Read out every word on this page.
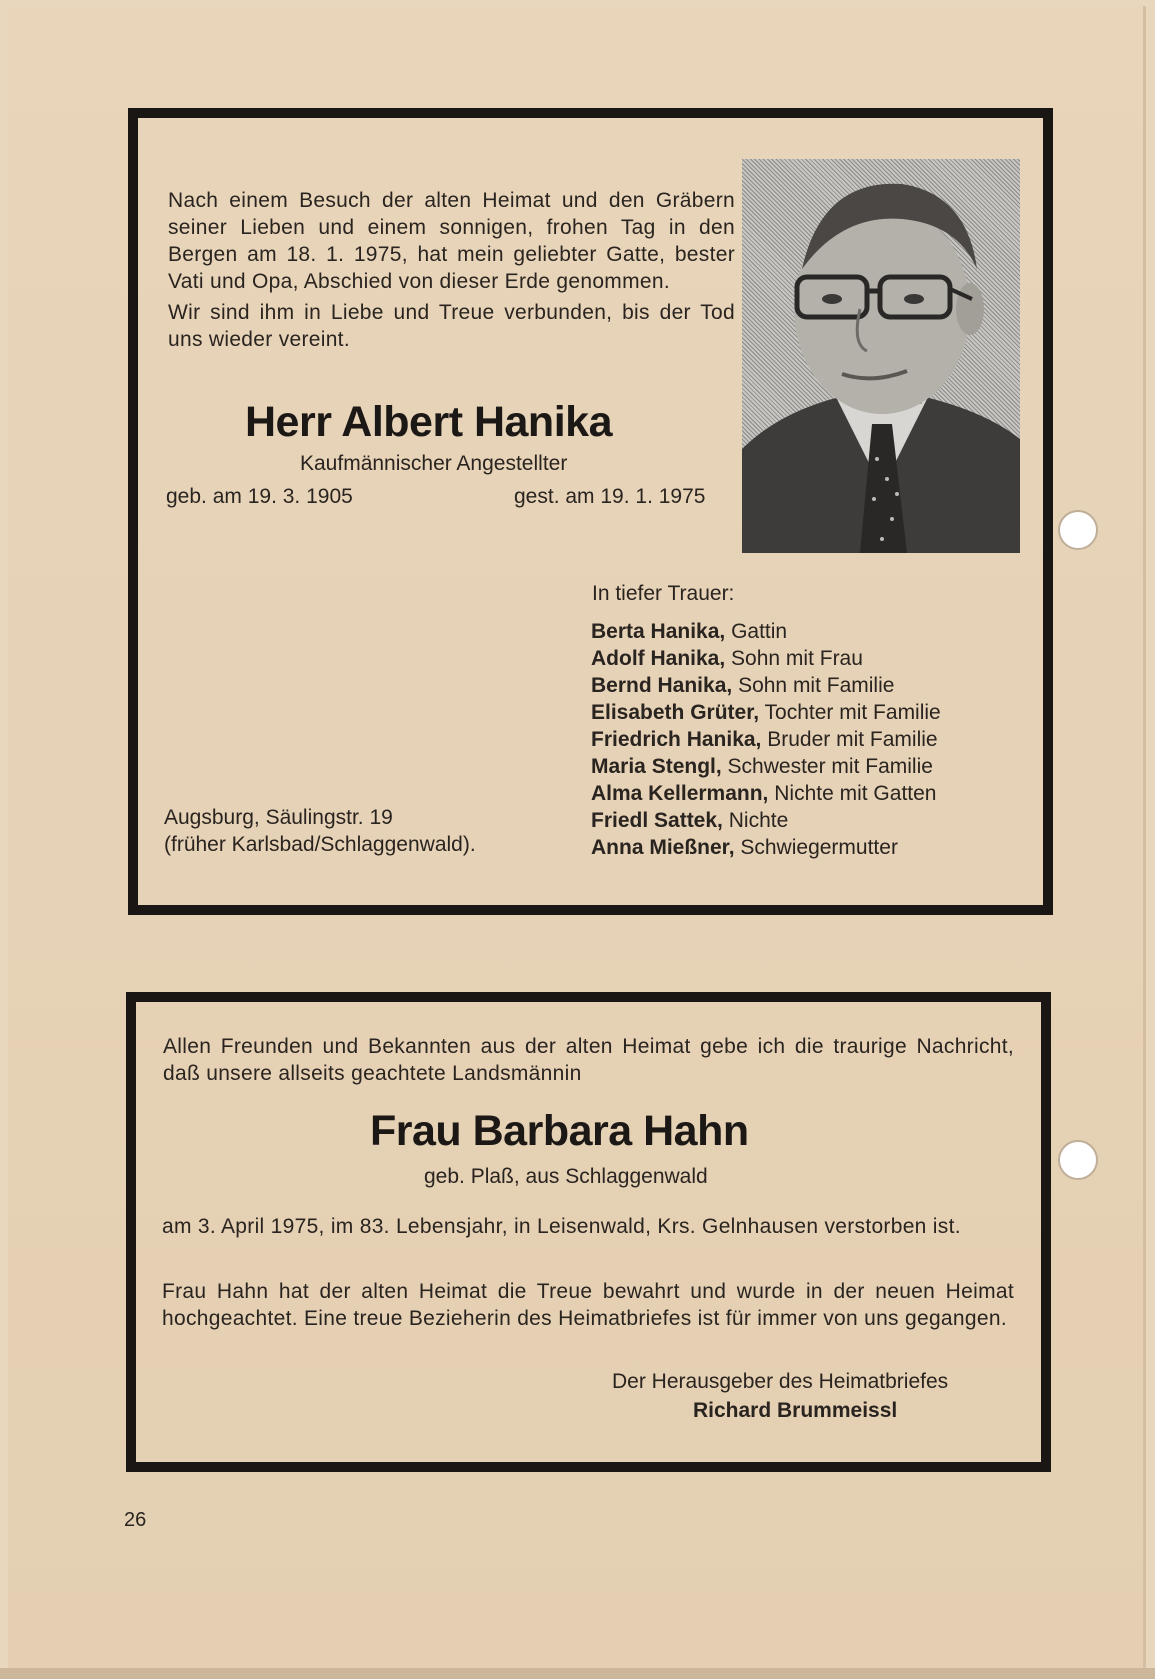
Nach einem Besuch der alten Heimat und den Gräbern seiner Lieben und einem sonnigen, frohen Tag in den Bergen am 18. 1. 1975, hat mein geliebter Gatte, bester Vati und Opa, Abschied von dieser Erde genommen.
Wir sind ihm in Liebe und Treue verbunden, bis der Tod uns wieder vereint.
Herr Albert Hanika
Kaufmännischer Angestellter
geb. am 19. 3. 1905	gest. am 19. 1. 1975
In tiefer Trauer:
Berta Hanika, Gattin
Adolf Hanika, Sohn mit Frau
Bernd Hanika, Sohn mit Familie
Elisabeth Grüter, Tochter mit Familie
Friedrich Hanika, Bruder mit Familie
Maria Stengl, Schwester mit Familie
Alma Kellermann, Nichte mit Gatten
Friedl Sattek, Nichte
Anna Mießner, Schwiegermutter
Augsburg, Säulingstr. 19
(früher Karlsbad/Schlaggenwald).
Allen Freunden und Bekannten aus der alten Heimat gebe ich die traurige Nachricht, daß unsere allseits geachtete Landsmännin
Frau Barbara Hahn
geb. Plaß, aus Schlaggenwald
am 3. April 1975, im 83. Lebensjahr, in Leisenwald, Krs. Gelnhausen verstorben ist.
Frau Hahn hat der alten Heimat die Treue bewahrt und wurde in der neuen Heimat hochgeachtet. Eine treue Bezieherin des Heimatbriefes ist für immer von uns gegangen.
Der Herausgeber des Heimatbriefes
Richard Brummeissl
26
